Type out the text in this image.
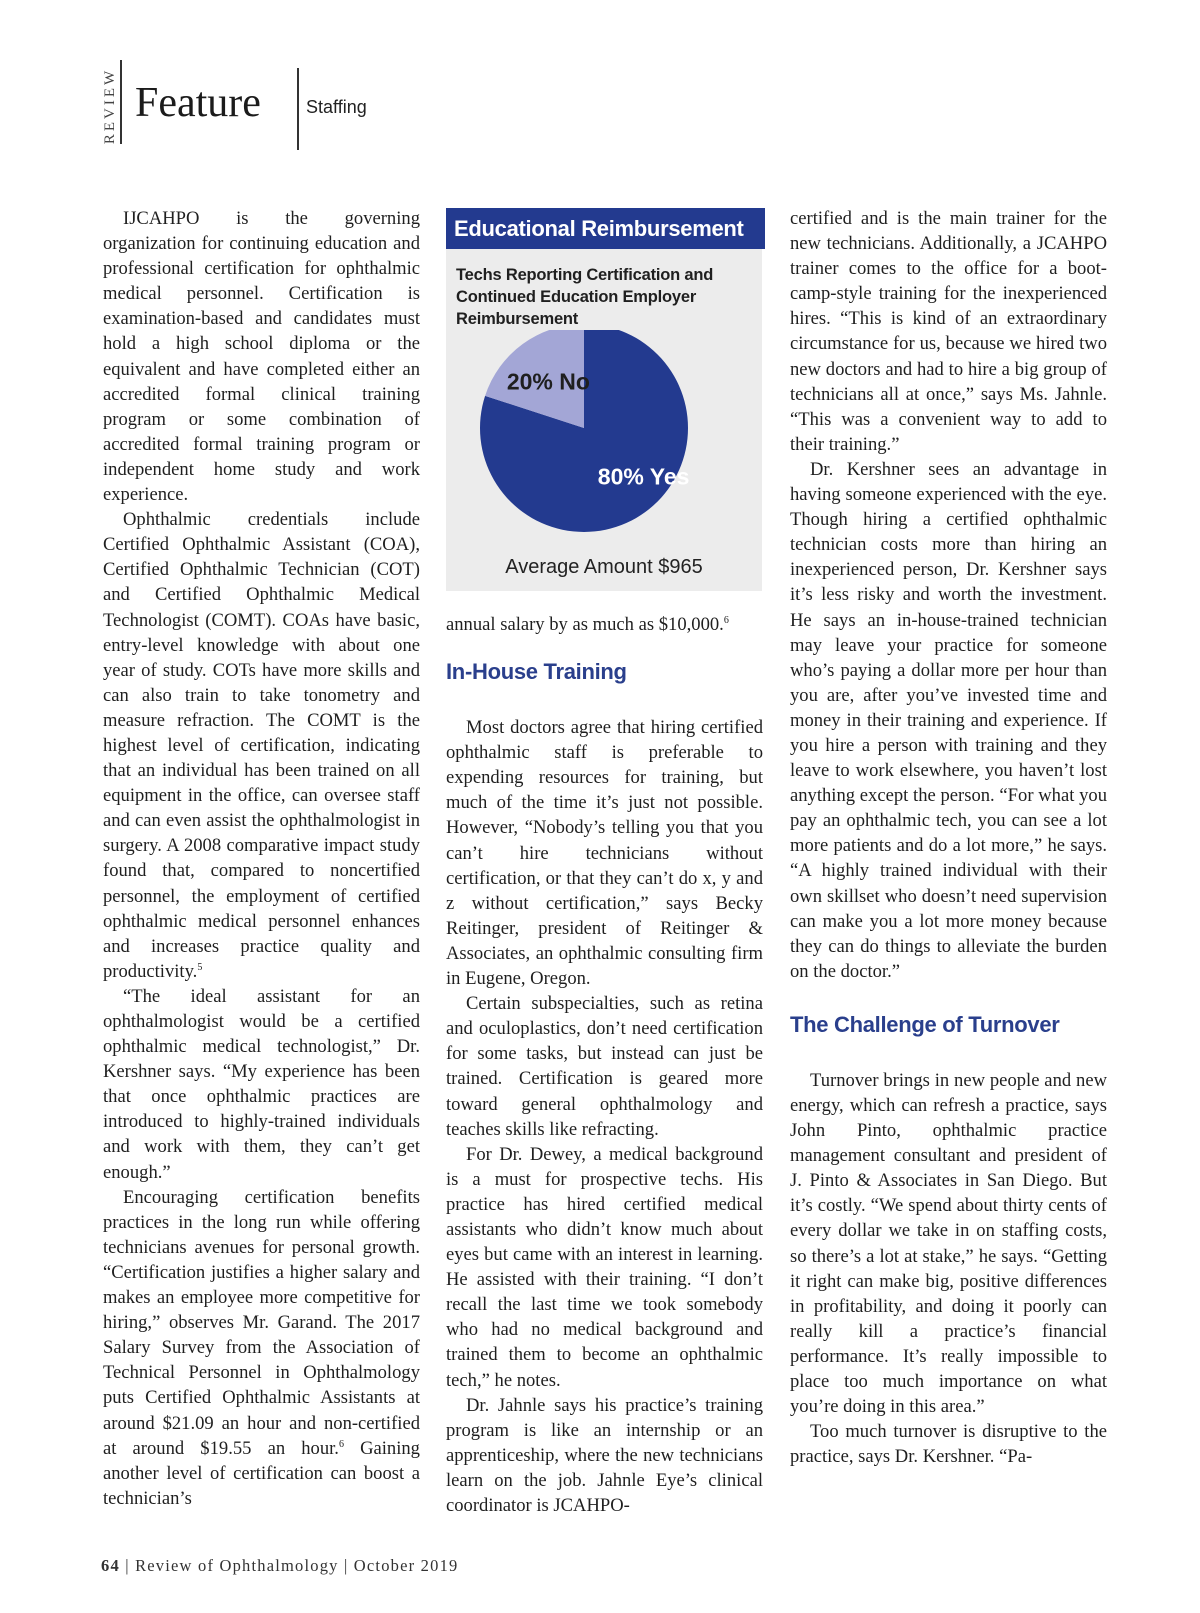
REVIEW Feature	Staffing

IJCAHPO is the governing organization for continuing education and professional certification for ophthalmic medical personnel. Certification is examination-based and candidates must hold a high school diploma or the equivalent and have completed either an accredited formal clinical training program or some combination of accredited formal training program or independent home study and work experience.

Ophthalmic credentials include Certified Ophthalmic Assistant (COA), Certified Ophthalmic Technician (COT) and Certified Ophthalmic Medical Technologist (COMT). COAs have basic, entry-level knowledge with about one year of study. COTs have more skills and can also train to take tonometry and measure refraction. The COMT is the highest level of certification, indicating that an individual has been trained on all equipment in the office, can oversee staff and can even assist the ophthalmologist in surgery. A 2008 comparative impact study found that, compared to noncertified personnel, the employment of certified ophthalmic medical personnel enhances and increases practice quality and productivity.$^5$

“The ideal assistant for an ophthalmologist would be a certified ophthalmic medical technologist,” Dr. Kershner says. “My experience has been that once ophthalmic practices are introduced to highly-trained individuals and work with them, they can’t get enough.”

Encouraging certification benefits practices in the long run while offering technicians avenues for personal growth. “Certification justifies a higher salary and makes an employee more competitive for hiring,” observes Mr. Garand. The 2017 Salary Survey from the Association of Technical Personnel in Ophthalmology puts Certified Ophthalmic Assistants at around $21.09 an hour and non-certified at around $19.55 an hour.$^6$ Gaining another level of certification can boost a technician’s

Educational Reimbursement
Techs Reporting Certification and Continued Education Employer Reimbursement
80% Yes
20% No
Average Amount $965

annual salary by as much as $10,000.$^6$

In-House Training

Most doctors agree that hiring certified ophthalmic staff is preferable to expending resources for training, but much of the time it’s just not possible. However, “Nobody’s telling you that you can’t hire technicians without certification, or that they can’t do x, y and z without certification,” says Becky Reitinger, president of Reitinger & Associates, an ophthalmic consulting firm in Eugene, Oregon.

Certain subspecialties, such as retina and oculoplastics, don’t need certification for some tasks, but instead can just be trained. Certification is geared more toward general ophthalmology and teaches skills like refracting.

For Dr. Dewey, a medical background is a must for prospective techs. His practice has hired certified medical assistants who didn’t know much about eyes but came with an interest in learning. He assisted with their training. “I don’t recall the last time we took somebody who had no medical background and trained them to become an ophthalmic tech,” he notes.

Dr. Jahnle says his practice’s training program is like an internship or an apprenticeship, where the new technicians learn on the job. Jahnle Eye’s clinical coordinator is JCAHPO-

certified and is the main trainer for the new technicians. Additionally, a JCAHPO trainer comes to the office for a boot-camp-style training for the inexperienced hires. “This is kind of an extraordinary circumstance for us, because we hired two new doctors and had to hire a big group of technicians all at once,” says Ms. Jahnle. “This was a convenient way to add to their training.”

Dr. Kershner sees an advantage in having someone experienced with the eye. Though hiring a certified ophthalmic technician costs more than hiring an inexperienced person, Dr. Kershner says it’s less risky and worth the investment. He says an in-house-trained technician may leave your practice for someone who’s paying a dollar more per hour than you are, after you’ve invested time and money in their training and experience. If you hire a person with training and they leave to work elsewhere, you haven’t lost anything except the person. “For what you pay an ophthalmic tech, you can see a lot more patients and do a lot more,” he says. “A highly trained individual with their own skillset who doesn’t need supervision can make you a lot more money because they can do things to alleviate the burden on the doctor.”

The Challenge of Turnover

Turnover brings in new people and new energy, which can refresh a practice, says John Pinto, ophthalmic practice management consultant and president of J. Pinto & Associates in San Diego. But it’s costly. “We spend about thirty cents of every dollar we take in on staffing costs, so there’s a lot at stake,” he says. “Getting it right can make big, positive differences in profitability, and doing it poorly can really kill a practice’s financial performance. It’s really impossible to place too much importance on what you’re doing in this area.”

Too much turnover is disruptive to the practice, says Dr. Kershner. “Pa-

64 | Review of Ophthalmology | October 2019
